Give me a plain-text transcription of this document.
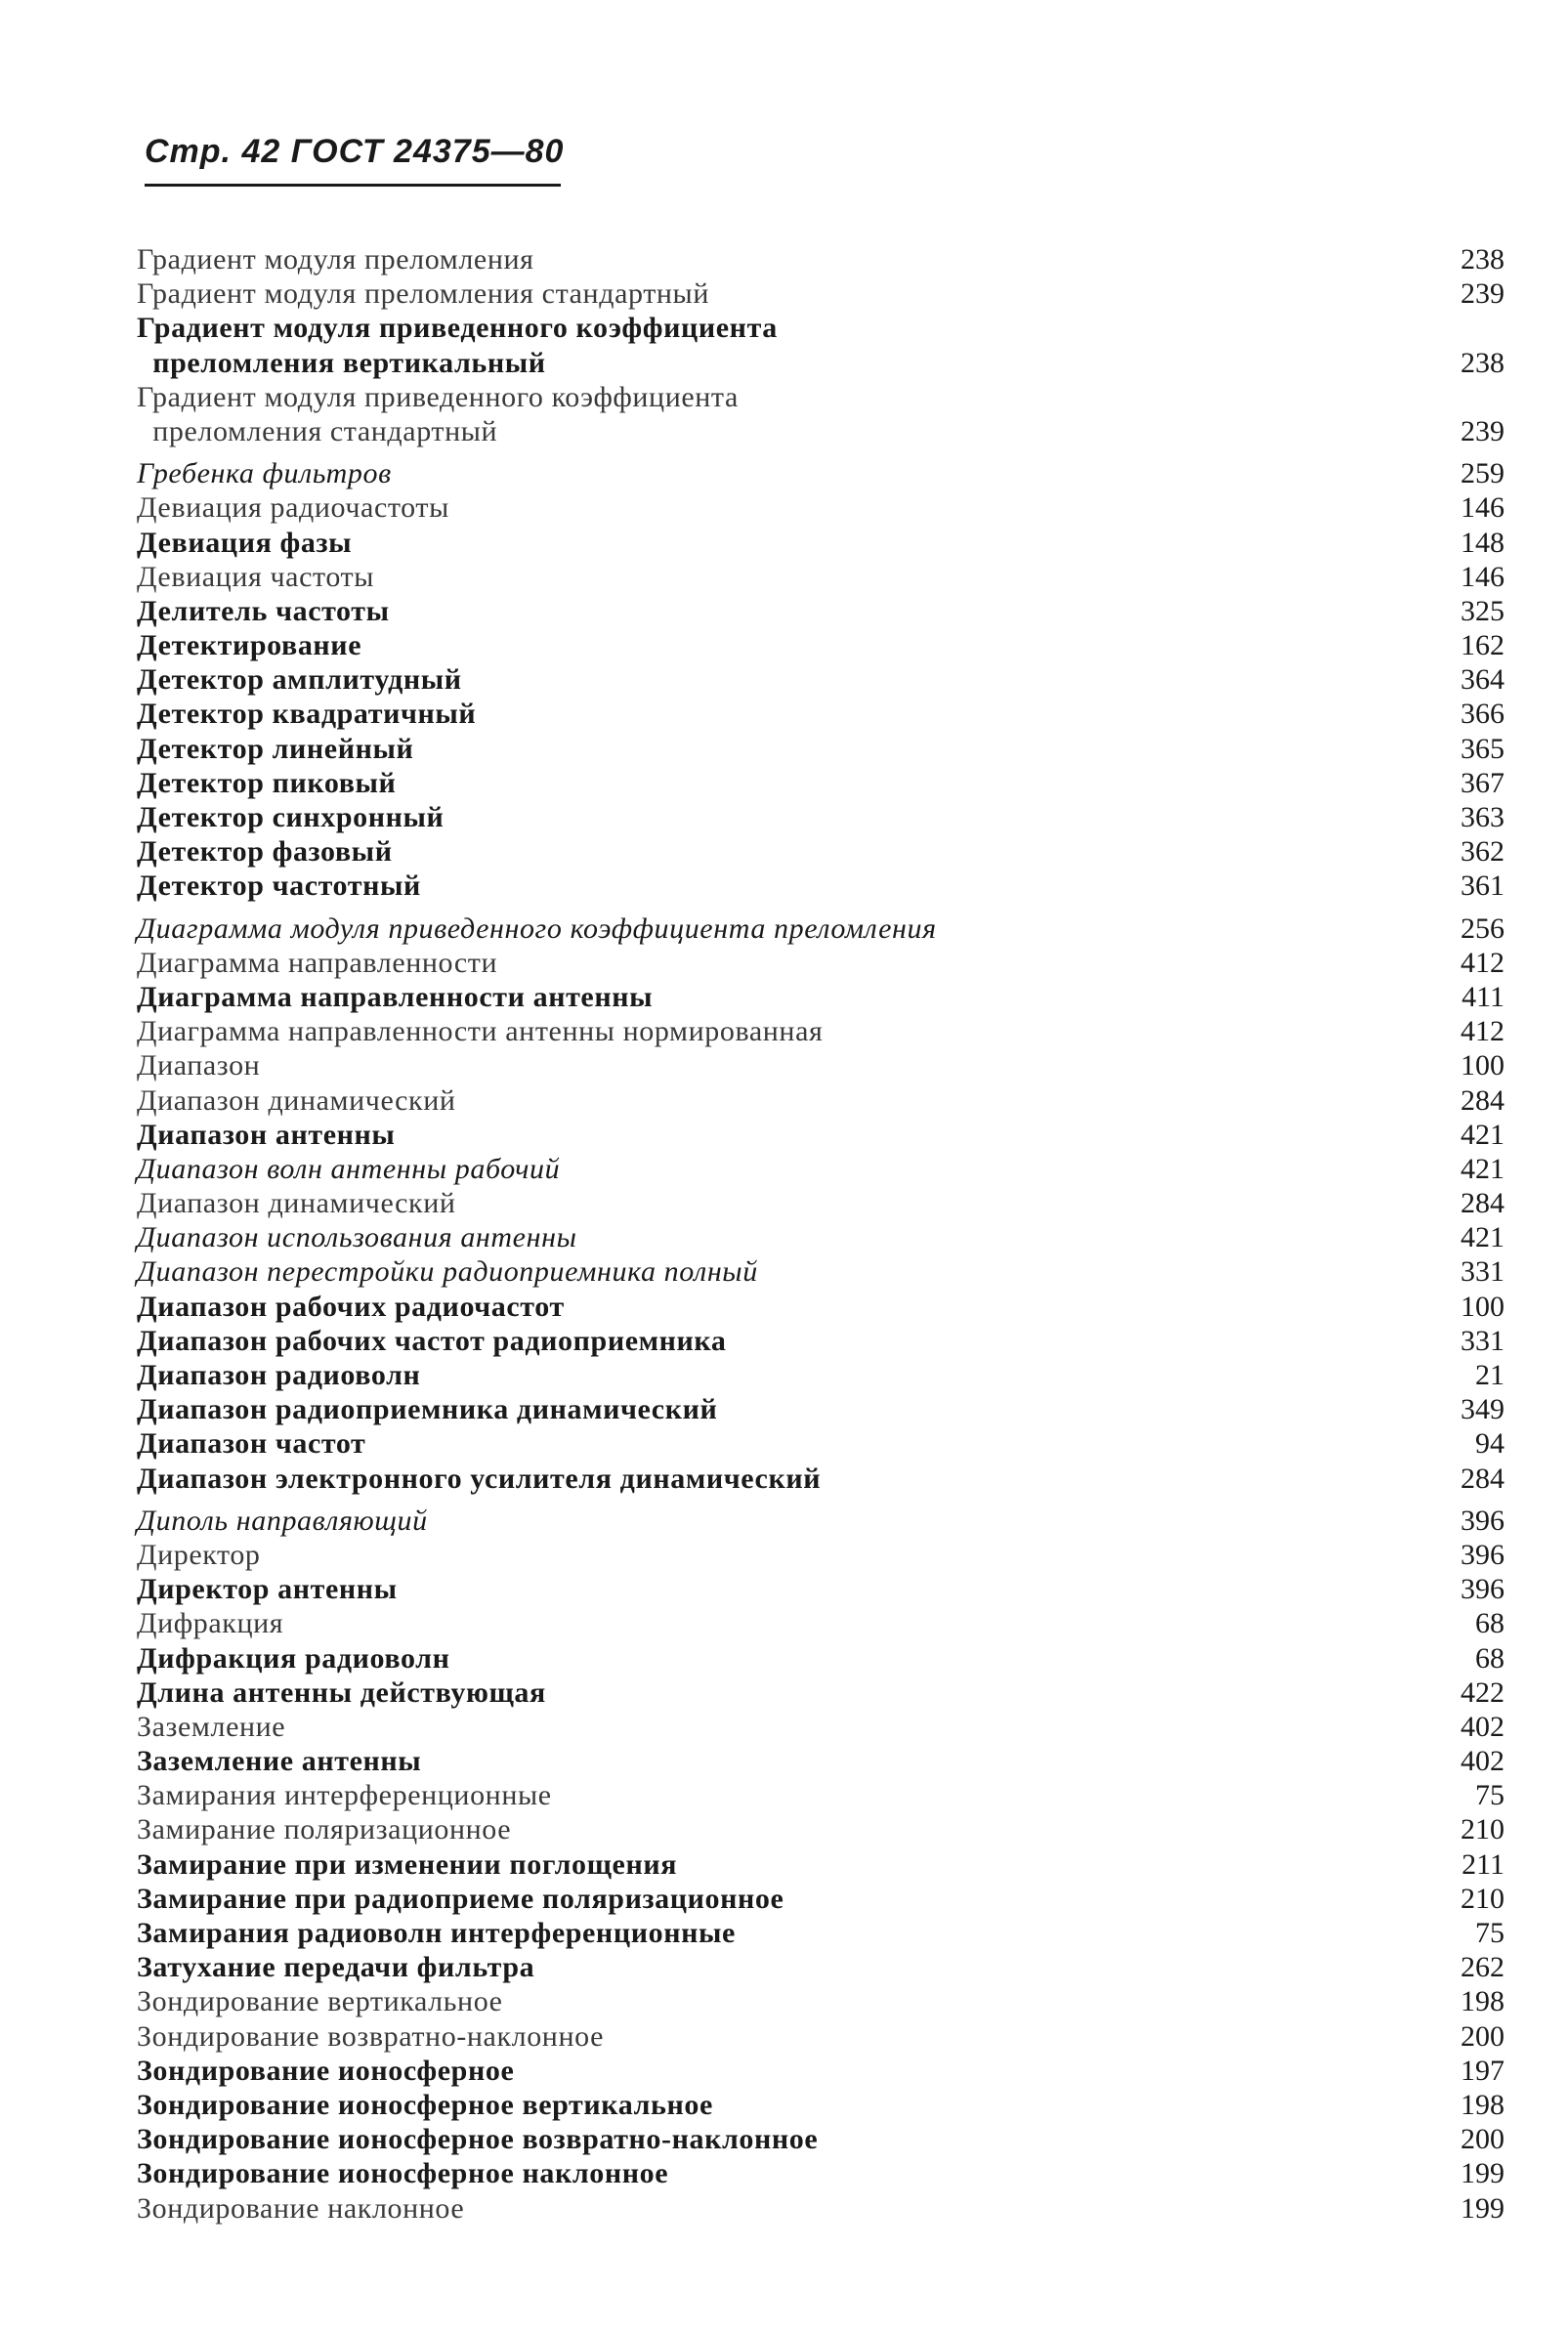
Стр. 42 ГОСТ 24375—80
Градиент модуля преломления	238
Градиент модуля преломления стандартный	239
Градиент модуля приведенного коэффициента
преломления вертикальный	238
Градиент модуля приведенного коэффициента
преломления стандартный	239
Гребенка фильтров	259
Девиация радиочастоты	146
Девиация фазы	148
Девиация частоты	146
Делитель частоты	325
Детектирование	162
Детектор амплитудный	364
Детектор квадратичный	366
Детектор линейный	365
Детектор пиковый	367
Детектор синхронный	363
Детектор фазовый	362
Детектор частотный	361
Диаграмма модуля приведенного коэффициента преломления	256
Диаграмма направленности	412
Диаграмма направленности антенны	411
Диаграмма направленности антенны нормированная	412
Диапазон	100
Диапазон динамический	284
Диапазон антенны	421
Диапазон волн антенны рабочий	421
Диапазон динамический	284
Диапазон использования антенны	421
Диапазон перестройки радиоприемника полный	331
Диапазон рабочих радиочастот	100
Диапазон рабочих частот радиоприемника	331
Диапазон радиоволн	21
Диапазон радиоприемника динамический	349
Диапазон частот	94
Диапазон электронного усилителя динамический	284
Диполь направляющий	396
Директор	396
Директор антенны	396
Дифракция	68
Дифракция радиоволн	68
Длина антенны действующая	422
Заземление	402
Заземление антенны	402
Замирания интерференционные	75
Замирание поляризационное	210
Замирание при изменении поглощения	211
Замирание при радиоприеме поляризационное	210
Замирания радиоволн интерференционные	75
Затухание передачи фильтра	262
Зондирование вертикальное	198
Зондирование возвратно-наклонное	200
Зондирование ионосферное	197
Зондирование ионосферное вертикальное	198
Зондирование ионосферное возвратно-наклонное	200
Зондирование ионосферное наклонное	199
Зондирование наклонное	199
